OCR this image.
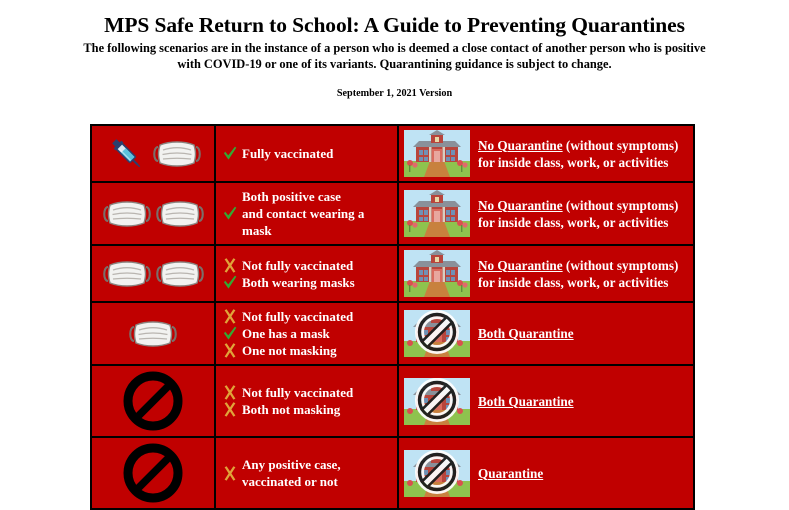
MPS Safe Return to School: A Guide to Preventing Quarantines
The following scenarios are in the instance of a person who is deemed a close contact of another person who is positive with COVID-19 or one of its variants. Quarantining guidance is subject to change.
September 1, 2021 Version

Fully vaccinated	No Quarantine (without symptoms) for inside class, work, or activities

Both positive case
and contact wearing a
mask	No Quarantine (without symptoms) for inside class, work, or activities

Not fully vaccinated
Both wearing masks	No Quarantine (without symptoms) for inside class, work, or activities

Not fully vaccinated
One has a mask
One not masking	Both Quarantine

Not fully vaccinated
Both not masking	Both Quarantine

Any positive case,
vaccinated or not	Quarantine
